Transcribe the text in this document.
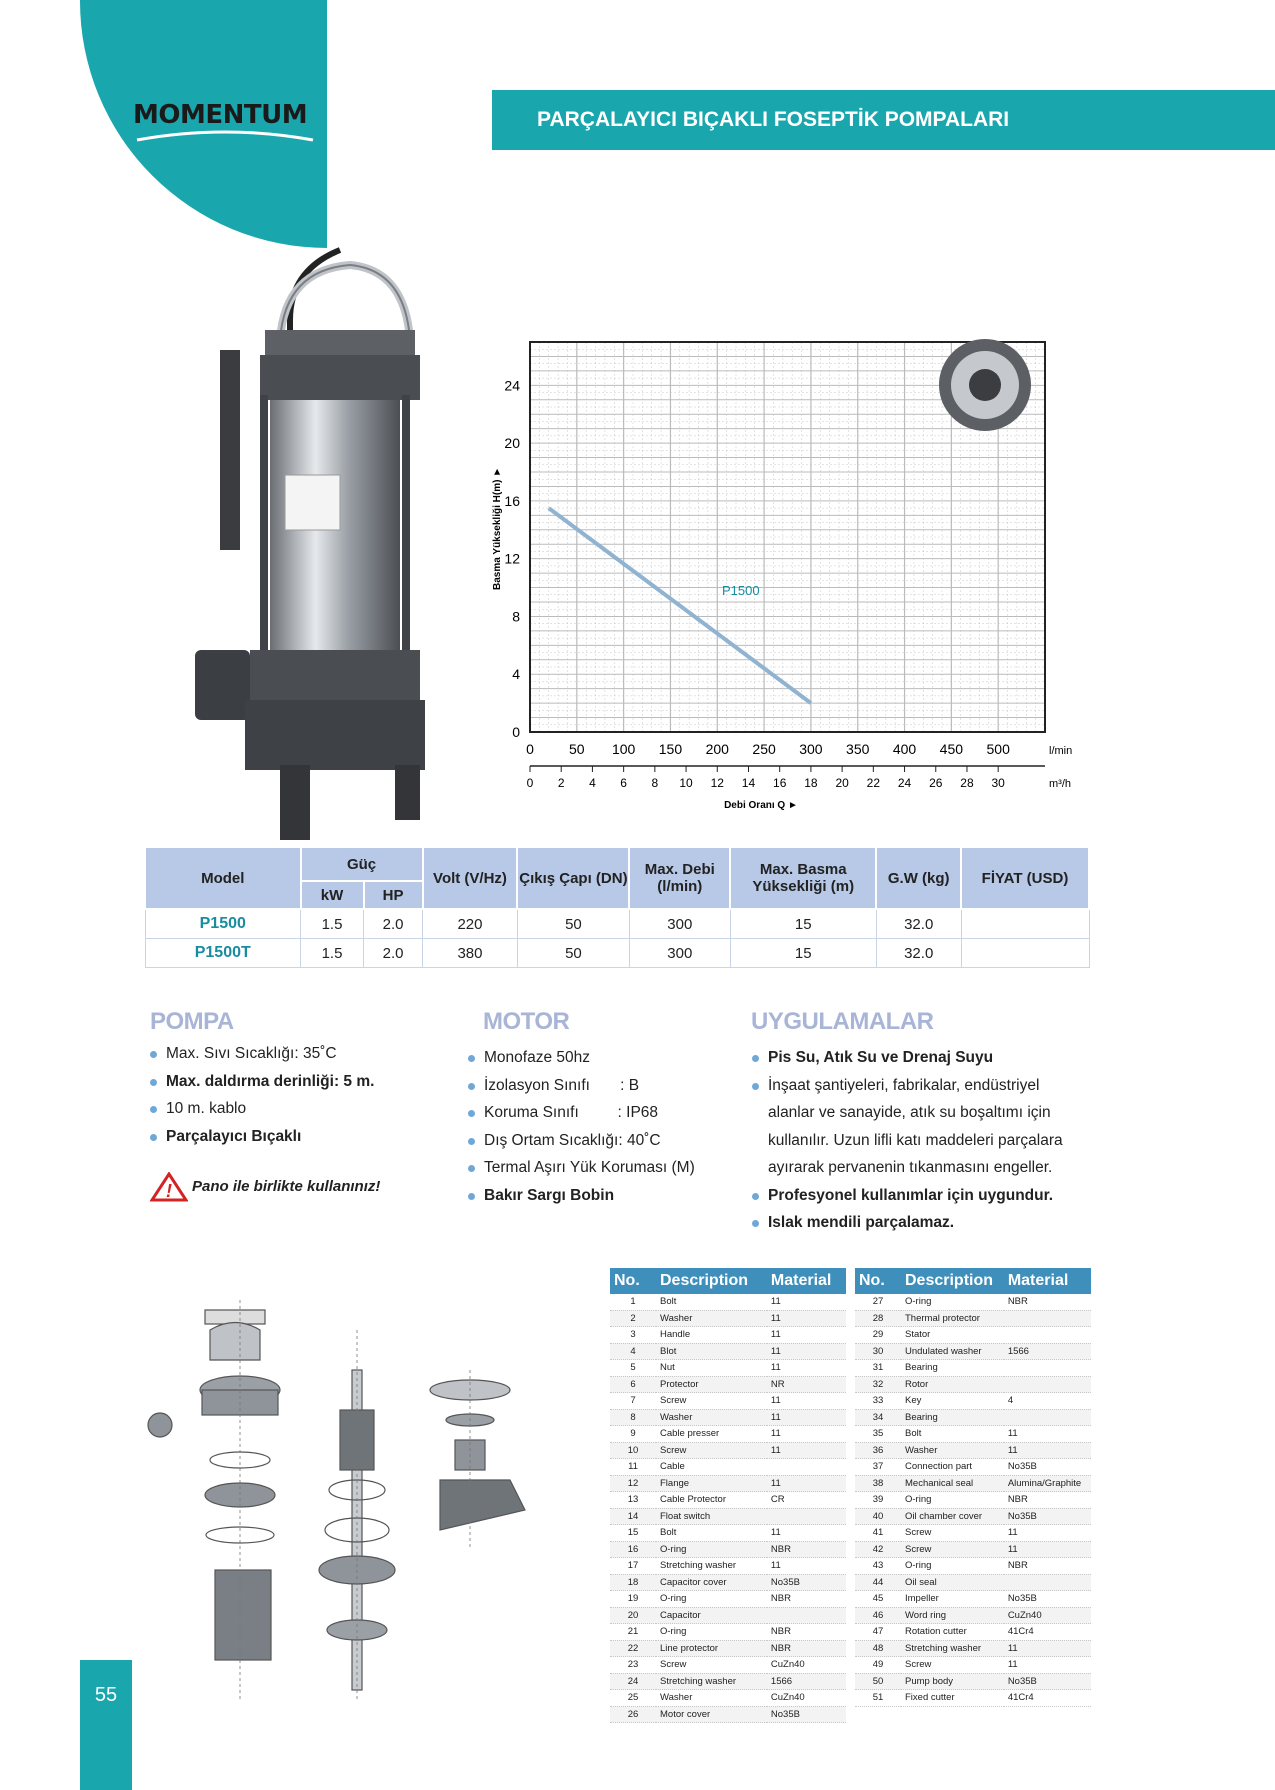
MOMENTUM	PARÇALAYICI BIÇAKLI FOSEPTİK POMPALARI
0
4
8
12
16
20
24
0	50 100 150 200 250 300 350 400 450 500	l/min
0 2 4 6 8 10 12 14 16 18 20 22 24 26 28 30	m³/h
Debi Oranı Q ►
Basma Yüksekliği H(m) ►
P1500
Model	Güç		Volt (V/Hz)	Çıkış Çapı (DN)	Max. Debi (l/min)	Max. Basma Yüksekliği (m)	G.W (kg)	FİYAT (USD)
	kW	HP						
P1500	1.5	2.0	220	50	300	15	32.0	
P1500T	1.5	2.0	380	50	300	15	32.0	
POMPA
Max. Sıvı Sıcaklığı: 35˚C
Max. daldırma derinliği: 5 m.
10 m. kablo
Parçalayıcı Bıçaklı
! Pano ile birlikte kullanınız!
MOTOR
Monofaze 50hz
İzolasyon Sınıfı       : B
Koruma Sınıfı         : IP68
Dış Ortam Sıcaklığı: 40˚C
Termal Aşırı Yük Koruması (M)
Bakır Sargı Bobin
UYGULAMALAR
Pis Su, Atık Su ve Drenaj Suyu
İnşaat şantiyeleri, fabrikalar, endüstriyel
alanlar ve sanayide, atık su boşaltımı için
kullanılır. Uzun lifli katı maddeleri parçalara
ayırarak pervanenin tıkanmasını engeller.
Profesyonel kullanımlar için uygundur.
Islak mendili parçalamaz.
No.	Description	Material
1	Bolt	11
2	Washer	11
3	Handle	11
4	Blot	11
5	Nut	11
6	Protector	NR
7	Screw	11
8	Washer	11
9	Cable presser	11
10	Screw	11
11	Cable	
12	Flange	11
13	Cable Protector	CR
14	Float switch	
15	Bolt	11
16	O-ring	NBR
17	Stretching washer	11
18	Capacitor cover	No35B
19	O-ring	NBR
20	Capacitor	
21	O-ring	NBR
22	Line protector	NBR
23	Screw	CuZn40
24	Stretching washer	1566
25	Washer	CuZn40
26	Motor cover	No35B
No.	Description	Material
27	O-ring	NBR
28	Thermal protector	
29	Stator	
30	Undulated washer	1566
31	Bearing	
32	Rotor	
33	Key	4
34	Bearing	
35	Bolt	11
36	Washer	11
37	Connection part	No35B
38	Mechanical seal	Alumina/Graphite
39	O-ring	NBR
40	Oil chamber cover	No35B
41	Screw	11
42	Screw	11
43	O-ring	NBR
44	Oil seal	
45	Impeller	No35B
46	Word ring	CuZn40
47	Rotation cutter	41Cr4
48	Stretching washer	11
49	Screw	11
50	Pump body	No35B
51	Fixed cutter	41Cr4
55
